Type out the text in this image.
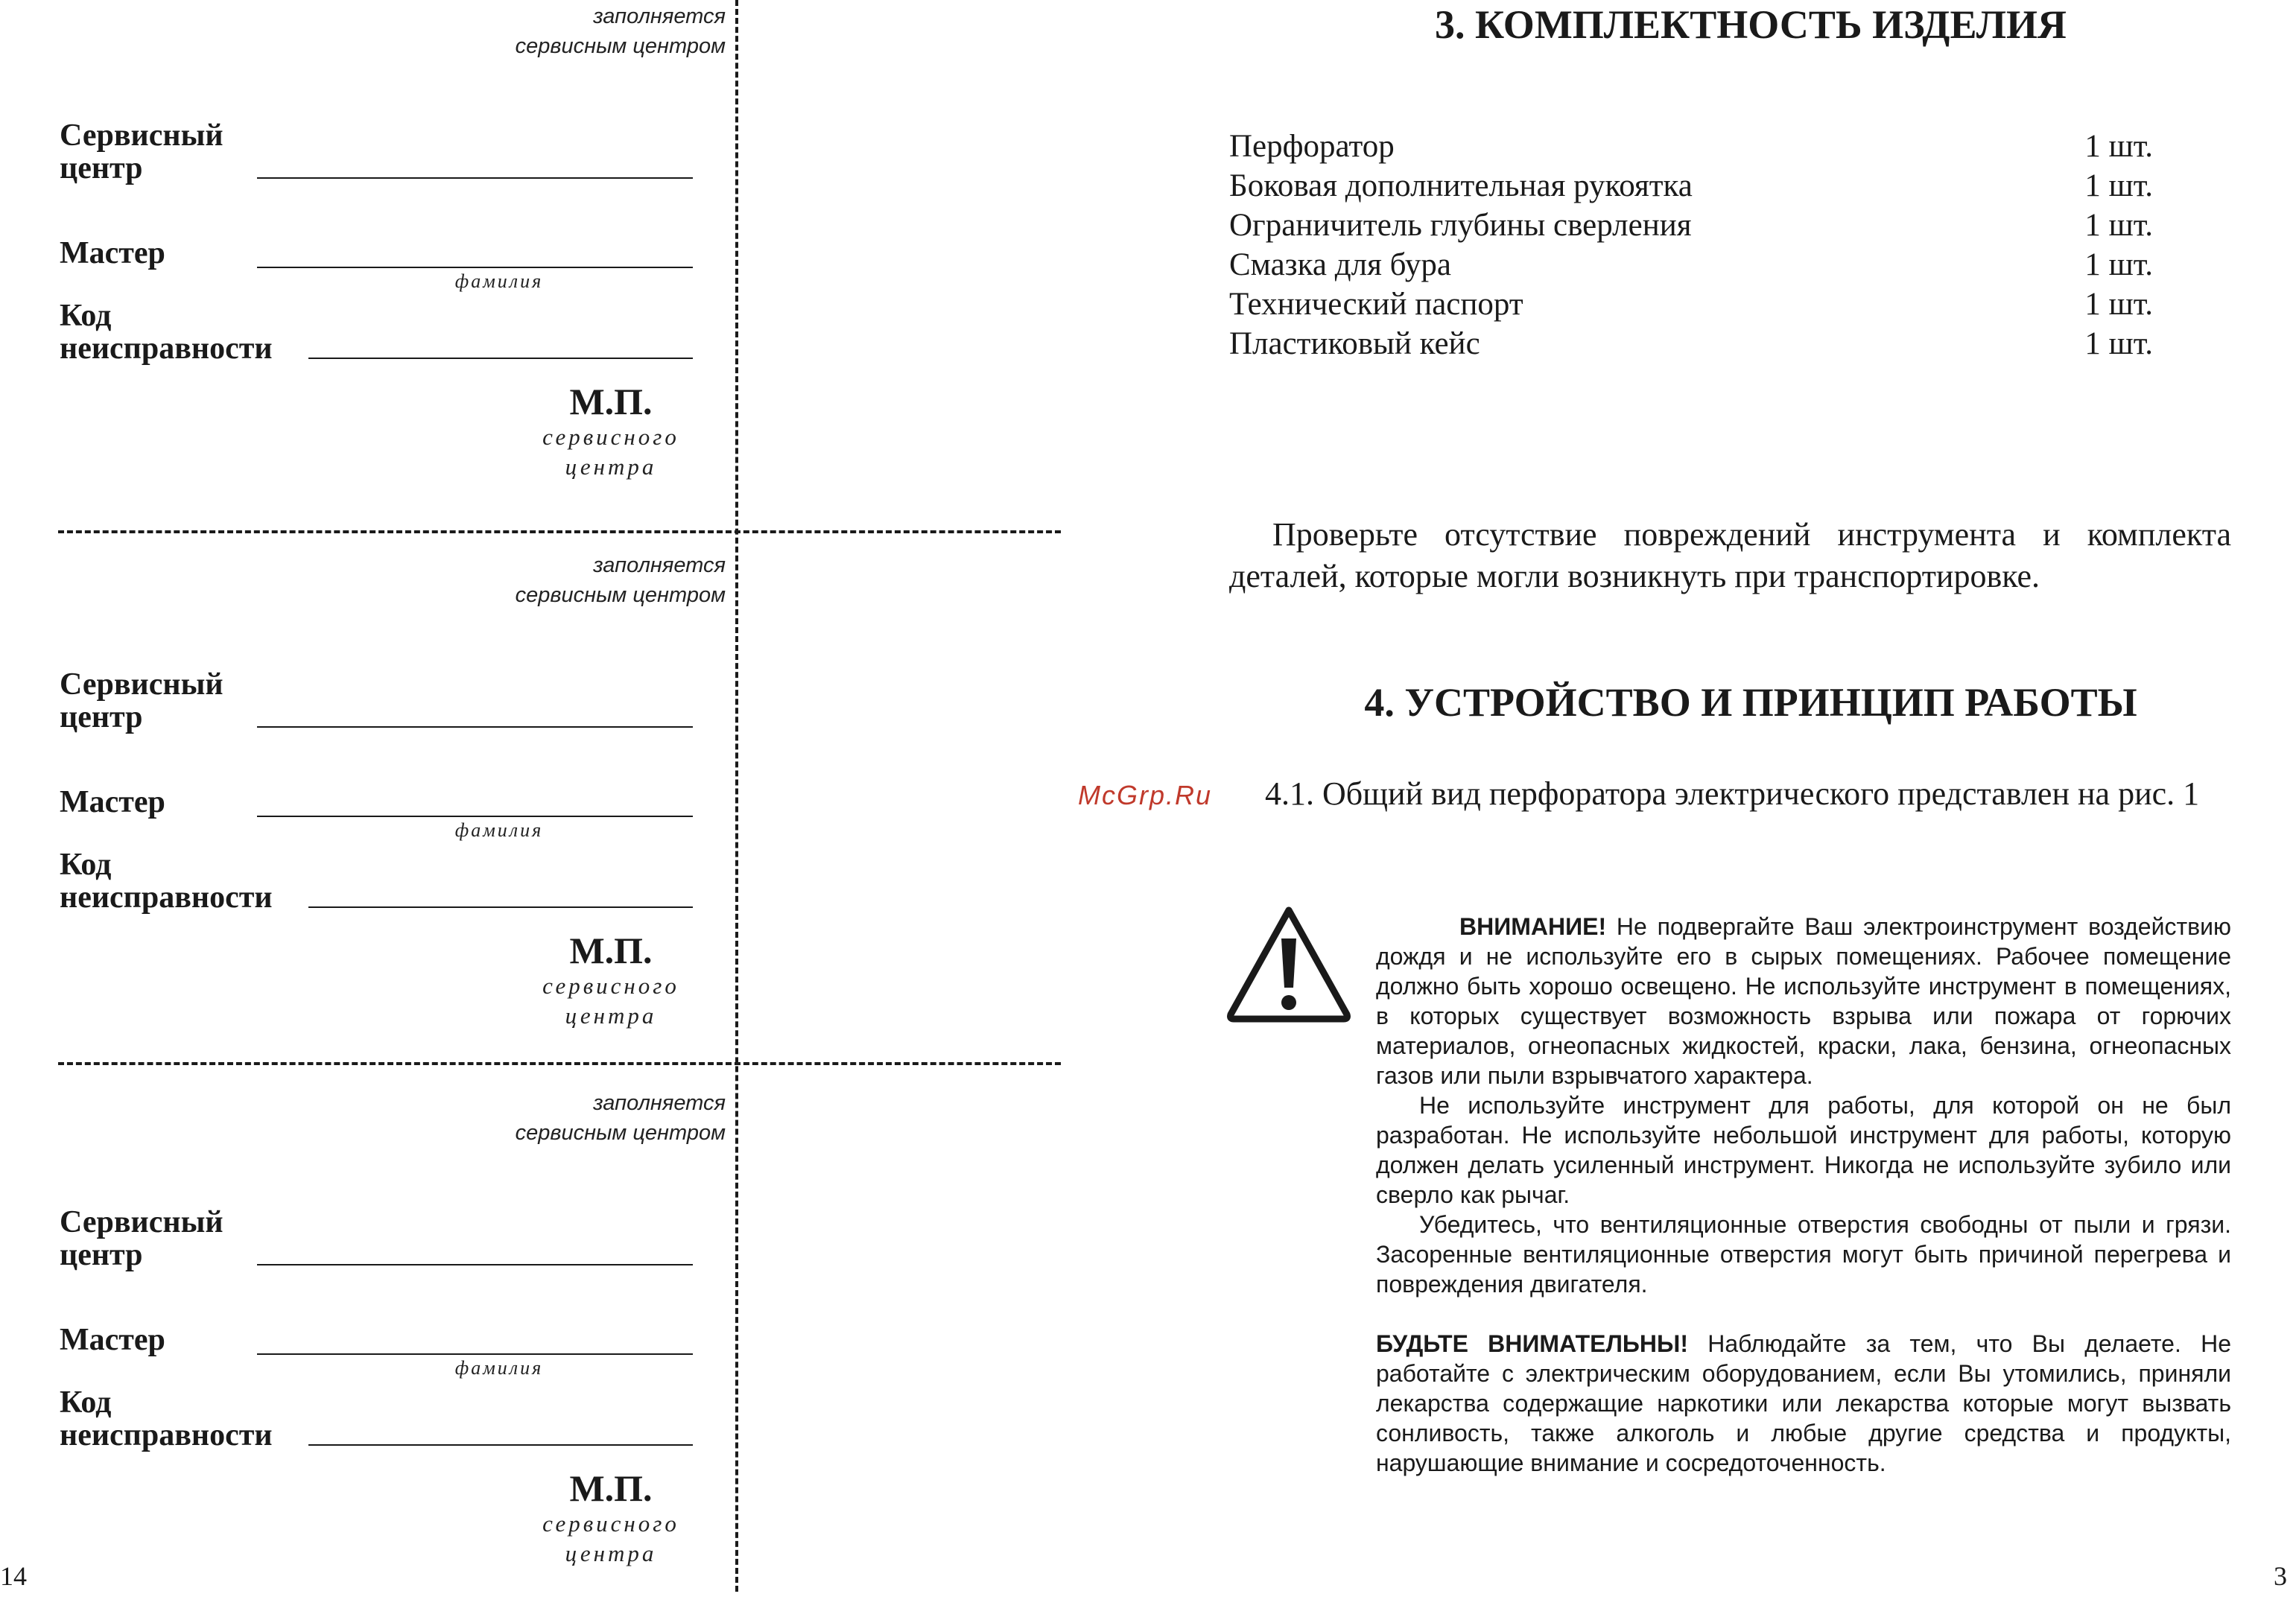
заполняется
сервисным центром
Сервисный
центр
Мастер
фамилия
Код
неисправности
М.П.
сервисного
центра
заполняется
сервисным центром
Сервисный
центр
Мастер
фамилия
Код
неисправности
М.П.
сервисного
центра
заполняется
сервисным центром
Сервисный
центр
Мастер
фамилия
Код
неисправности
М.П.
сервисного
центра
14
3. КОМПЛЕКТНОСТЬ ИЗДЕЛИЯ
Перфоратор	1 шт.
Боковая дополнительная рукоятка	1 шт.
Ограничитель глубины сверления	1 шт.
Смазка для бура	1 шт.
Технический паспорт	1 шт.
Пластиковый кейс	1 шт.
Проверьте отсутствие повреждений инструмента и комплекта деталей, которые могли возникнуть при транспортировке.
4. УСТРОЙСТВО И ПРИНЦИП РАБОТЫ
McGrp.Ru	4.1. Общий вид перфоратора электрического представлен на рис. 1

ВНИМАНИЕ! Не подвергайте Ваш электроинструмент воздействию дождя и не используйте его в сырых помещениях. Рабочее помещение должно быть хорошо освещено. Не используйте инструмент в помещениях, в которых существует возможность взрыва или пожара от горючих материалов, огнеопасных жидкостей, краски, лака, бензина, огнеопасных газов или пыли взрывчатого характера.

Не используйте инструмент для работы, для которой он не был разработан. Не используйте небольшой инструмент для работы, которую должен делать усиленный инструмент. Никогда не используйте зубило или сверло как рычаг.

Убедитесь, что вентиляционные отверстия свободны от пыли и грязи. Засоренные вентиляционные отверстия могут быть причиной перегрева и повреждения двигателя.

БУДЬТЕ ВНИМАТЕЛЬНЫ! Наблюдайте за тем, что Вы делаете. Не работайте с электрическим оборудованием, если Вы утомились, приняли лекарства содержащие наркотики или лекарства которые могут вызвать сонливость, также алкоголь и любые другие средства и продукты, нарушающие внимание и сосредоточенность.

3
